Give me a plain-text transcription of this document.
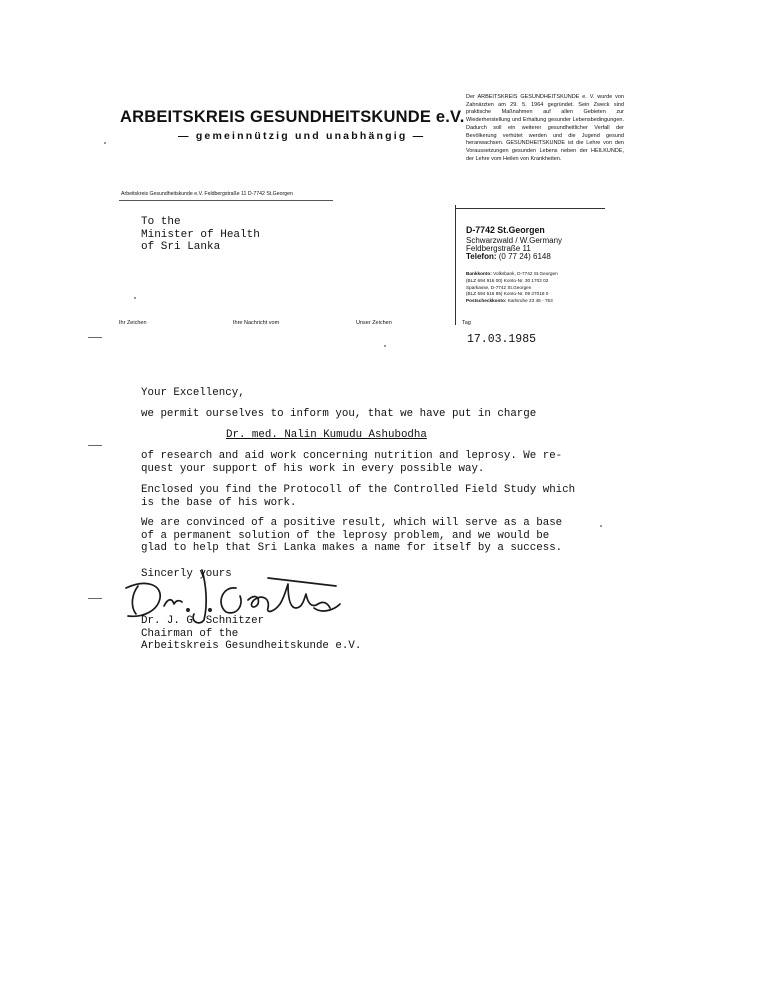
ARBEITSKREIS GESUNDHEITSKUNDE e.V.
— gemeinnützig und unabhängig —
Arbeitskreis Gesundheitskunde e.V. Feldbergstraße 11 D-7742 St.Georgen
Der ARBEITSKREIS GESUNDHEITSKUNDE e. V. wurde von Zahnärzten am 29. 5. 1964 gegründet. Sein Zweck sind praktische Maßnahmen auf allen Gebieten zur Wiederherstellung und Erhaltung gesunder Lebensbedingungen. Dadurch soll ein weiterer gesundheitlicher Verfall der Bevölkerung verhütet werden und die Jugend gesund heranwachsen. GESUNDHEITSKUNDE ist die Lehre von den Voraussetzungen gesunden Lebens neben der HEILKUNDE, der Lehre vom Heilen von Krankheiten.
D-7742 St.Georgen
Schwarzwald / W.Germany
Feldbergstraße 11
Telefon: (0 77 24) 6148
Bankkonto: Volksbank, D-7742 St.Georgen
(BLZ 694 916 00) Konto-Nr. 30 1702 02
Sparkasse, D-7742 St.Georgen
(BLZ 694 516 85) Konto-Nr. 09 27018 0
Postscheckkonto: Karlsruhe 23 45 - 753
To the
Minister of Health
of Sri Lanka
Ihr Zeichen	Ihre Nachricht vom	Unser Zeichen	Tag
17.03.1985
Your Excellency,
we permit ourselves to inform you, that we have put in charge
Dr. med. Nalin Kumudu Ashubodha
of research and aid work concerning nutrition and leprosy. We re-
quest your support of his work in every possible way.
Enclosed you find the Protocoll of the Controlled Field Study which
is the base of his work.
We are convinced of a positive result, which will serve as a base
of a permanent solution of the leprosy problem, and we would be
glad to help that Sri Lanka makes a name for itself by a success.
Sincerly yours
Dr. J. G. Schnitzer
Chairman of the
Arbeitskreis Gesundheitskunde e.V.
